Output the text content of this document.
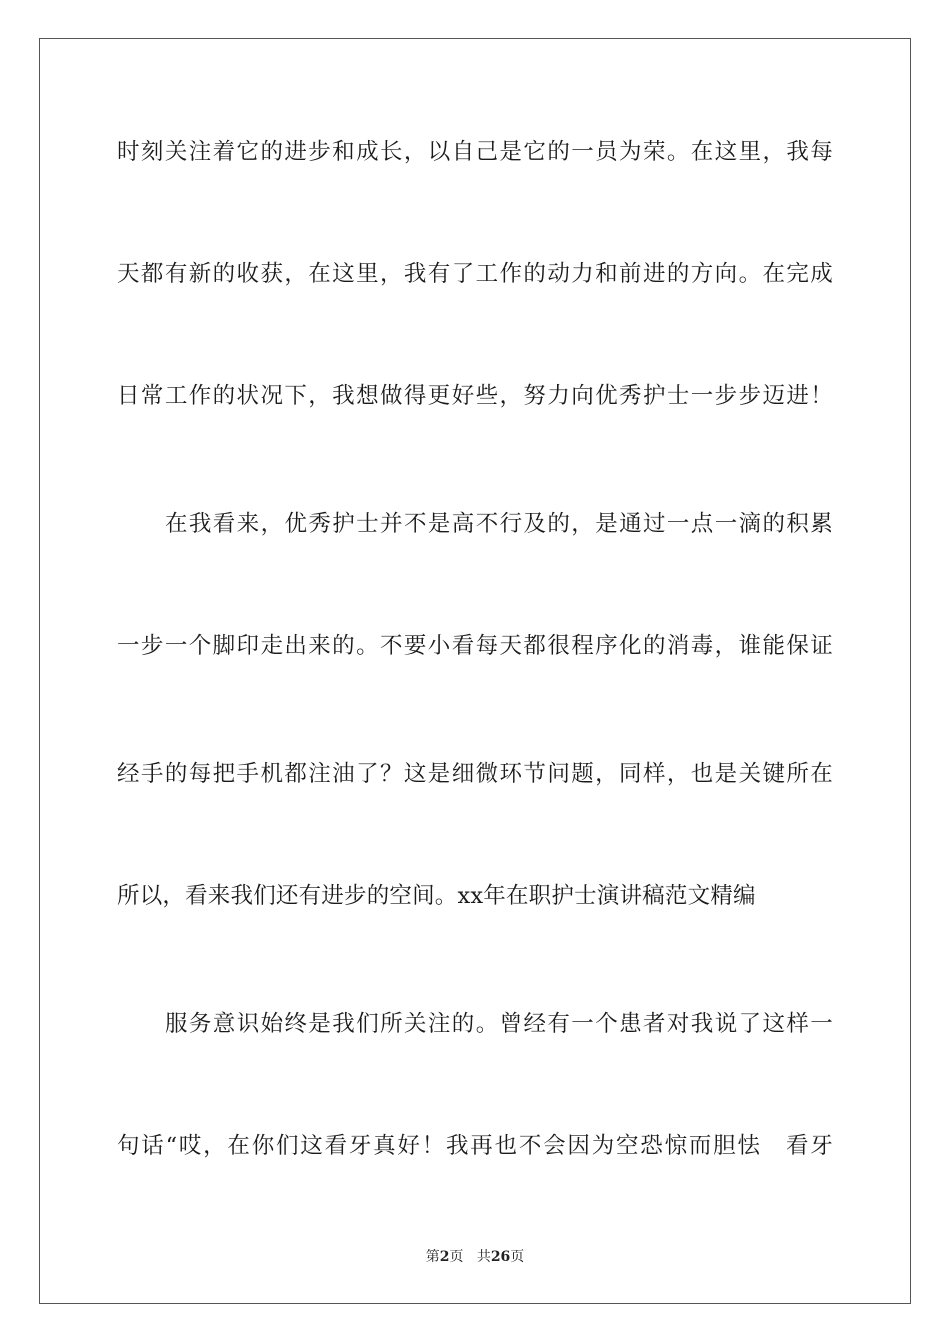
时刻关注着它的进步和成长，以自己是它的一员为荣。在这里，我每
天都有新的收获，在这里，我有了工作的动力和前进的方向。在完成
日常工作的状况下，我想做得更好些，努力向优秀护士一步步迈进！
在我看来，优秀护士并不是高不行及的，是通过一点一滴的积累
一步一个脚印走出来的。不要小看每天都很程序化的消毒，谁能保证
经手的每把手机都注油了？这是细微环节问题，同样，也是关键所在
所以，看来我们还有进步的空间。xx年在职护士演讲稿范文精编
服务意识始终是我们所关注的。曾经有一个患者对我说了这样一
句话“哎，在你们这看牙真好！我再也不会因为空恐惊而胆怯　看牙
第2页 共26页
